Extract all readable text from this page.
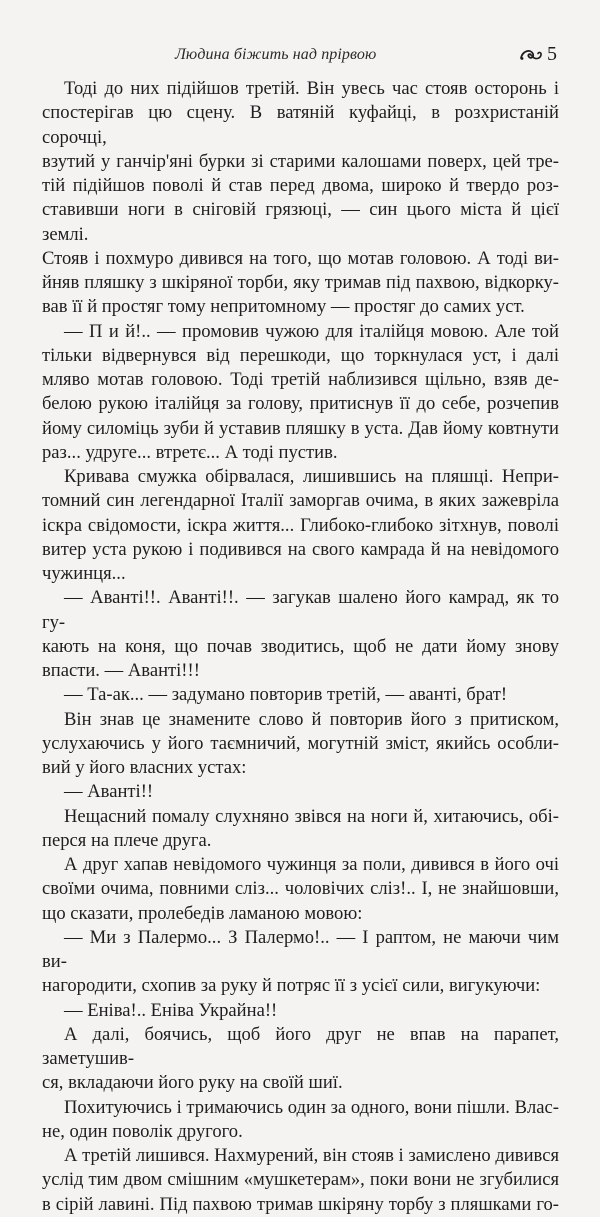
Людина біжить над прірвою	5

Тоді до них підійшов третій. Він увесь час стояв осторонь і
спостерігав цю сцену. В ватяній куфайці, в розхристаній сорочці,
взутий у ганчір'яні бурки зі старими калошами поверх, цей тре-
тій підійшов поволі й став перед двома, широко й твердо роз-
ставивши ноги в сніговій грязюці, — син цього міста й цієї землі.
Стояв і похмуро дивився на того, що мотав головою. А тоді ви-
йняв пляшку з шкіряної торби, яку тримав під пахвою, відкорку-
вав її й простяг тому непритомному — простяг до самих уст.

— П и й!.. — промовив чужою для італійця мовою. Але той
тільки відвернувся від перешкоди, що торкнулася уст, і далі
мляво мотав головою. Тоді третій наблизився щільно, взяв де-
белою рукою італійця за голову, притиснув її до себе, розчепив
йому силоміць зуби й уставив пляшку в уста. Дав йому ковтнути
раз... удруге... втретє... А тоді пустив.

Кривава смужка обірвалася, лишившись на пляшці. Непри-
томний син легендарної Італії заморгав очима, в яких зажевріла
іскра свідомости, іскра життя... Глибоко-глибоко зітхнув, поволі
витер уста рукою і подивився на свого камрада й на невідомого
чужинця...

— Аванті!!. Аванті!!. — загукав шалено його камрад, як то гу-
кають на коня, що почав зводитись, щоб не дати йому знову
впасти. — Аванті!!!

— Та-ак... — задумано повторив третій, — аванті, брат!

Він знав це знамените слово й повторив його з притиском,
услухаючись у його таємничий, могутній зміст, якийсь особли-
вий у його власних устах:

— Аванті!!

Нещасний помалу слухняно звівся на ноги й, хитаючись, обі-
перся на плече друга.

А друг хапав невідомого чужинця за поли, дивився в його очі
своїми очима, повними сліз... чоловічих сліз!.. І, не знайшовши,
що сказати, пролебедів ламаною мовою:

— Ми з Палермо... З Палермо!.. — І раптом, не маючи чим ви-
нагородити, схопив за руку й потряс її з усієї сили, вигукуючи:

— Еніва!.. Еніва Украйна!!

А далі, боячись, щоб його друг не впав на парапет, заметушив-
ся, вкладаючи його руку на своїй шиї.

Похитуючись і тримаючись один за одного, вони пішли. Влас-
не, один поволік другого.

А третій лишився. Нахмурений, він стояв і замислено дивився
услід тим двом смішним «мушкетерам», поки вони не згубилися
в сірій лавині. Під пахвою тримав шкіряну торбу з пляшками го-
